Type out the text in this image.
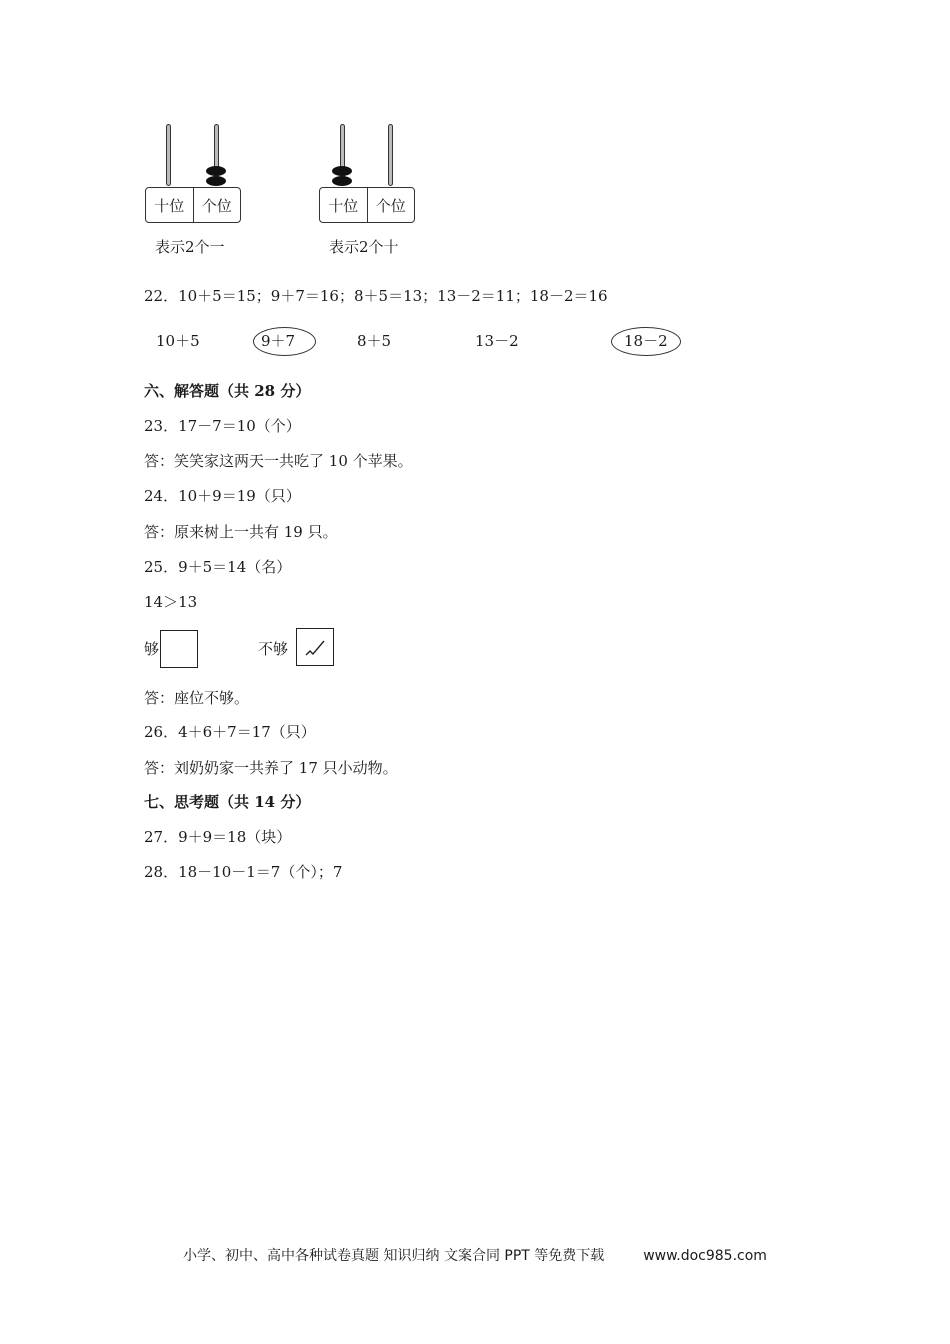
十位	个位
表示2个一
十位	个位
表示2个十
22．10＋5＝15；9＋7＝16；8＋5＝13；13－2＝11；18－2＝16
10＋5	9＋7	8＋5	13－2	18－2
六、解答题（共 28 分）
23．17－7＝10（个）
答：笑笑家这两天一共吃了 10 个苹果。
24．10＋9＝19（只）
答：原来树上一共有 19 只。
25．9＋5＝14（名）
14＞13
够	不够
答：座位不够。
26．4＋6＋7＝17（只）
答：刘奶奶家一共养了 17 只小动物。
七、思考题（共 14 分）
27．9＋9＝18（块）
28．18－10－1＝7（个）；7
小学、初中、高中各种试卷真题 知识归纳 文案合同 PPT 等免费下载	www.doc985.com
